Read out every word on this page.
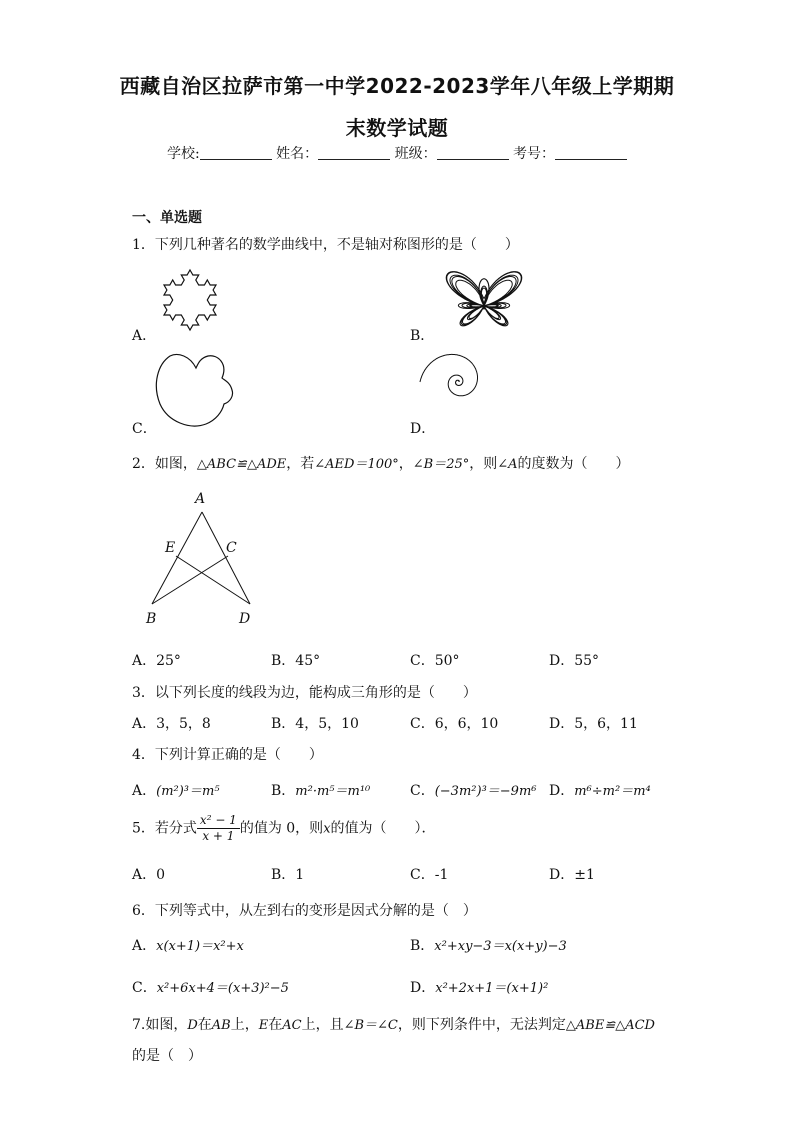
西藏自治区拉萨市第一中学2022-2023学年八年级上学期期
末数学试题
学校:	姓名：	班级：	考号：
一、单选题
1．下列几种著名的数学曲线中，不是轴对称图形的是（　　）
A．	B．
C．	D．
2．如图，△ABC≌△ADE，若∠AED＝100°，∠B＝25°，则∠A的度数为（　　）
A
E	C
B	D
A．25°	B．45°	C．50°	D．55°
3．以下列长度的线段为边，能构成三角形的是（　　）
A．3，5，8	B．4，5，10	C．6，6，10	D．5，6，11
4．下列计算正确的是（　　）
A．(m²)³＝m⁵	B．m²·m⁵＝m¹⁰	C．(−3m²)³＝−9m⁶ D．m⁶÷m²＝m⁴
5．若分式 $\frac{\text{x² − 1}}{x + 1}$ 的值为 0，则x的值为（　　）．
A．0	B．1	C．-1	D．±1
6．下列等式中，从左到右的变形是因式分解的是（　）
A．x(x+1)＝x²+x	B．x²+xy−3＝x(x+y)−3
C．x²+6x+4＝(x+3)²−5	D．x²+2x+1＝(x+1)²
7.如图，D在AB上，E在AC上，且∠B＝∠C，则下列条件中，无法判定△ABE≌△ACD
的是（　）
